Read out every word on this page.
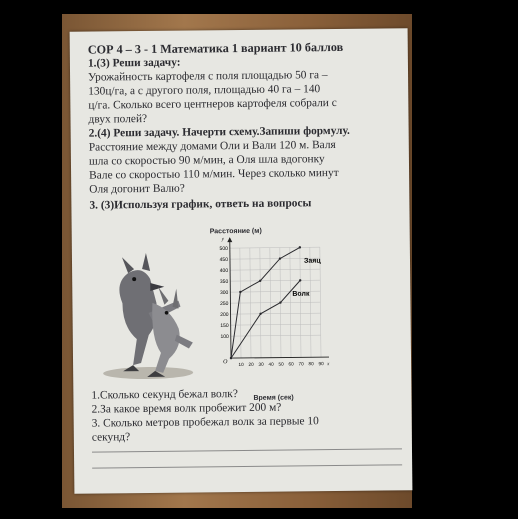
СОР 4 – 3 - 1 Математика 1 вариант 10 баллов
1.(3) Реши задачу:
Урожайность картофеля с поля площадью 50 га –
130ц/га, а с другого поля, площадью 40 га – 140
ц/га. Сколько всего центнеров картофеля собрали с
двух полей?
2.(4) Реши задачу. Начерти схему.Запиши формулу.
Расстояние между домами Оли и Вали 120 м. Валя
шла со скоростью 90 м/мин, а Оля шла вдогонку
Вале со скоростью 110 м/мин. Через сколько минут
Оля догонит Валю?
3. (3)Используя график, ответь на вопросы
Расстояние (м)
y
x
O
100
150
200
250
300
350
400
450
500
10 20 30 40 50 60 70 80 90
Заяц
Волк
Время (сек)
1.Сколько секунд бежал волк?
2.За какое время волк пробежит 200 м?
3. Сколько метров пробежал волк за первые 10
секунд?
